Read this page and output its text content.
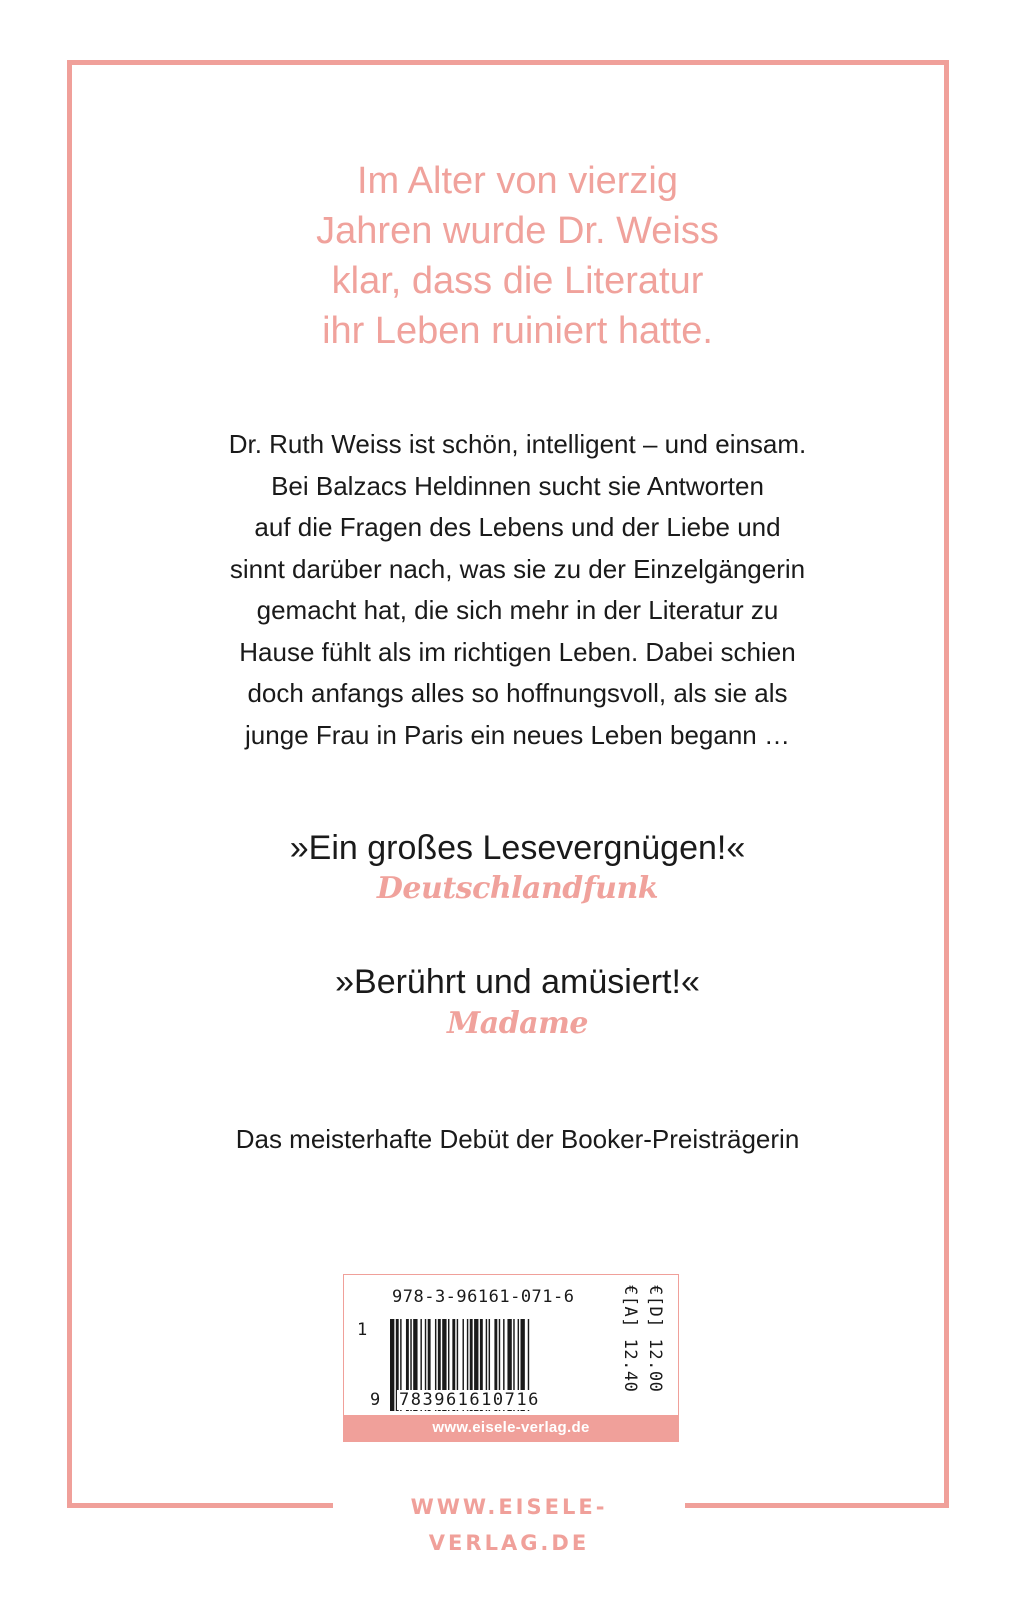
Im Alter von vierzig
Jahren wurde Dr. Weiss
klar, dass die Literatur
ihr Leben ruiniert hatte.

Dr. Ruth Weiss ist schön, intelligent – und einsam.
Bei Balzacs Heldinnen sucht sie Antworten
auf die Fragen des Lebens und der Liebe und
sinnt darüber nach, was sie zu der Einzelgängerin
gemacht hat, die sich mehr in der Literatur zu
Hause fühlt als im richtigen Leben. Dabei schien
doch anfangs alles so hoffnungsvoll, als sie als
junge Frau in Paris ein neues Leben begann …

»Ein großes Lesevergnügen!«

Deutschlandfunk

»Berührt und amüsiert!«

Madame

Das meisterhafte Debüt der Booker-Preisträgerin

978-3-96161-071-6
1
9 783961610716
€[A] 12.40 €[D] 12.00
www.eisele-verlag.de
WWW.EISELE-VERLAG.DE
